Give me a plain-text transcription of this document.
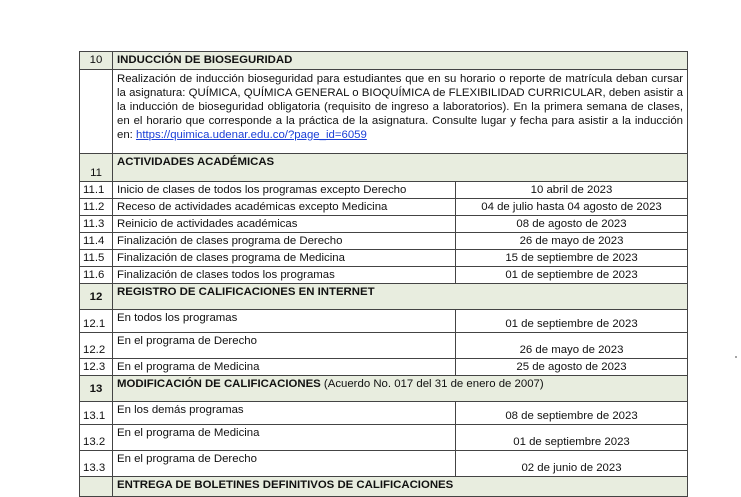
10	INDUCCIÓN DE BIOSEGURIDAD	
	Realización de inducción bioseguridad para estudiantes que en su horario o reporte de matrícula deban cursar la asignatura: QUÍMICA, QUÍMICA GENERAL o BIOQUÍMICA de FLEXIBILIDAD CURRICULAR, deben asistir a la inducción de bioseguridad obligatoria (requisito de ingreso a laboratorios). En la primera semana de clases, en el horario que corresponde a la práctica de la asignatura. Consulte lugar y fecha para asistir a la inducción en: https://quimica.udenar.edu.co/?page_id=6059	
11	ACTIVIDADES ACADÉMICAS	
11.1	Inicio de clases de todos los programas excepto Derecho	10 abril de 2023
11.2	Receso de actividades académicas excepto Medicina	04 de julio hasta 04 agosto de 2023
11.3	Reinicio de actividades académicas	08 de agosto de 2023
11.4	Finalización de clases programa de Derecho	26 de mayo de 2023
11.5	Finalización de clases programa de Medicina	15 de septiembre de 2023
11.6	Finalización de clases todos los programas	01 de septiembre de 2023
12	REGISTRO DE CALIFICACIONES EN INTERNET	
12.1	En todos los programas	01 de septiembre de 2023
12.2	En el programa de Derecho	26 de mayo de 2023
12.3	En el programa de Medicina	25 de agosto de 2023
13	MODIFICACIÓN DE CALIFICACIONES (Acuerdo No. 017 del 31 de enero de 2007)	
13.1	En los demás programas	08 de septiembre de 2023
13.2	En el programa de Medicina	01 de septiembre 2023
13.3	En el programa de Derecho	02 de junio de 2023
	ENTREGA DE BOLETINES DEFINITIVOS DE CALIFICACIONES	
